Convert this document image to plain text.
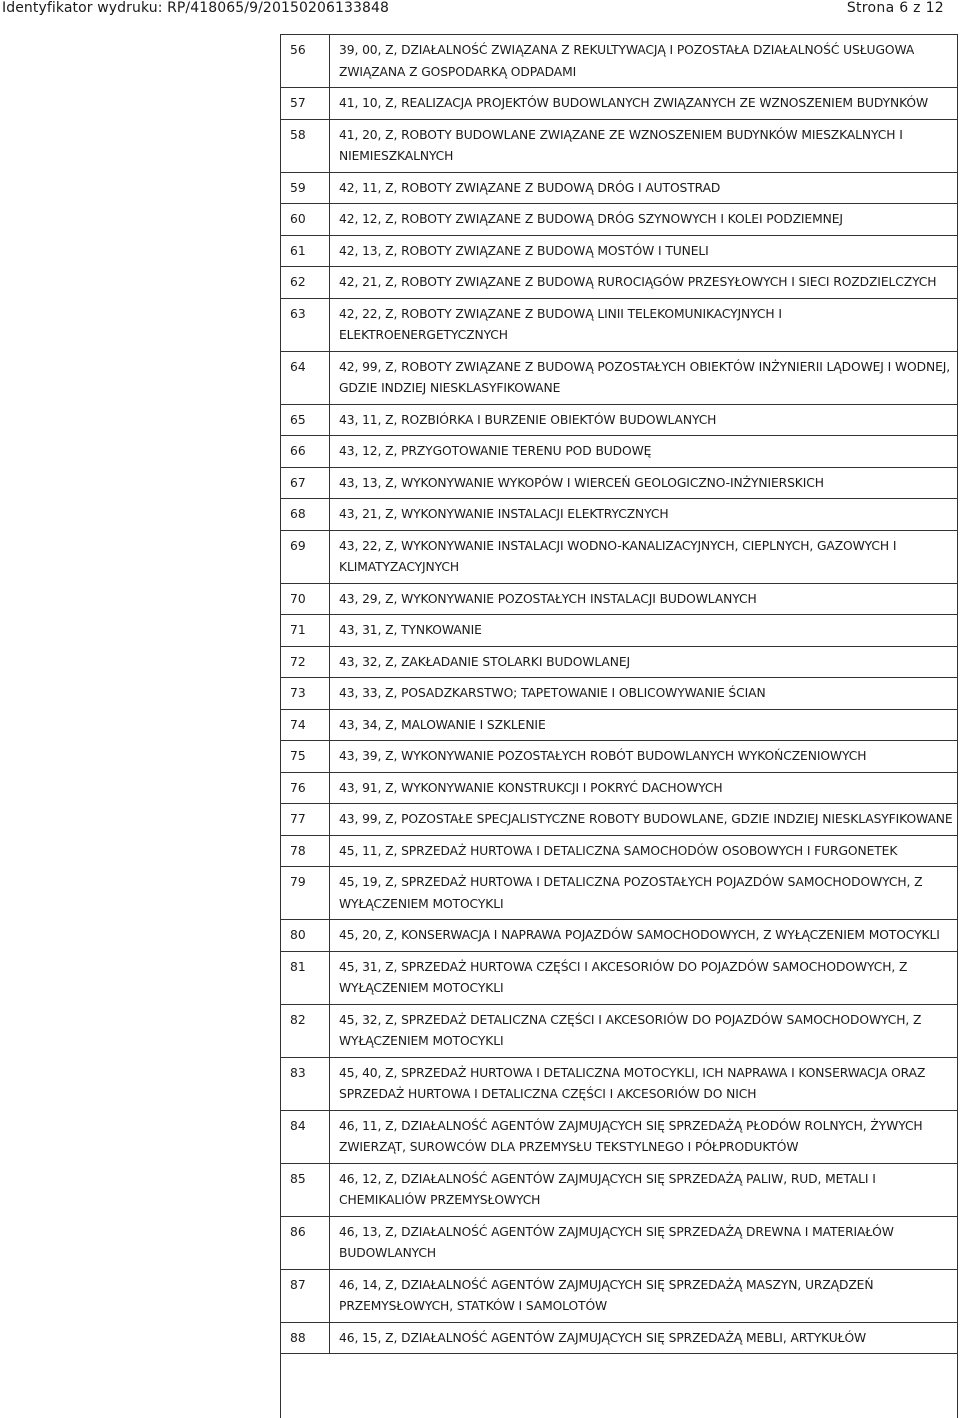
Identyfikator wydruku: RP/418065/9/20150206133848	Strona 6 z 12
56	39, 00, Z, DZIAŁALNOŚĆ ZWIĄZANA Z REKULTYWACJĄ I POZOSTAŁA DZIAŁALNOŚĆ USŁUGOWA ZWIĄZANA Z GOSPODARKĄ ODPADAMI
57	41, 10, Z, REALIZACJA PROJEKTÓW BUDOWLANYCH ZWIĄZANYCH ZE WZNOSZENIEM BUDYNKÓW
58	41, 20, Z, ROBOTY BUDOWLANE ZWIĄZANE ZE WZNOSZENIEM BUDYNKÓW MIESZKALNYCH I NIEMIESZKALNYCH
59	42, 11, Z, ROBOTY ZWIĄZANE Z BUDOWĄ DRÓG I AUTOSTRAD
60	42, 12, Z, ROBOTY ZWIĄZANE Z BUDOWĄ DRÓG SZYNOWYCH I KOLEI PODZIEMNEJ
61	42, 13, Z, ROBOTY ZWIĄZANE Z BUDOWĄ MOSTÓW I TUNELI
62	42, 21, Z, ROBOTY ZWIĄZANE Z BUDOWĄ RUROCIĄGÓW PRZESYŁOWYCH I SIECI ROZDZIELCZYCH
63	42, 22, Z, ROBOTY ZWIĄZANE Z BUDOWĄ LINII TELEKOMUNIKACYJNYCH I ELEKTROENERGETYCZNYCH
64	42, 99, Z, ROBOTY ZWIĄZANE Z BUDOWĄ POZOSTAŁYCH OBIEKTÓW INŻYNIERII LĄDOWEJ I WODNEJ, GDZIE INDZIEJ NIESKLASYFIKOWANE
65	43, 11, Z, ROZBIÓRKA I BURZENIE OBIEKTÓW BUDOWLANYCH
66	43, 12, Z, PRZYGOTOWANIE TERENU POD BUDOWĘ
67	43, 13, Z, WYKONYWANIE WYKOPÓW I WIERCEŃ GEOLOGICZNO-INŻYNIERSKICH
68	43, 21, Z, WYKONYWANIE INSTALACJI ELEKTRYCZNYCH
69	43, 22, Z, WYKONYWANIE INSTALACJI WODNO-KANALIZACYJNYCH, CIEPLNYCH, GAZOWYCH I KLIMATYZACYJNYCH
70	43, 29, Z, WYKONYWANIE POZOSTAŁYCH INSTALACJI BUDOWLANYCH
71	43, 31, Z, TYNKOWANIE
72	43, 32, Z, ZAKŁADANIE STOLARKI BUDOWLANEJ
73	43, 33, Z, POSADZKARSTWO; TAPETOWANIE I OBLICOWYWANIE ŚCIAN
74	43, 34, Z, MALOWANIE I SZKLENIE
75	43, 39, Z, WYKONYWANIE POZOSTAŁYCH ROBÓT BUDOWLANYCH WYKOŃCZENIOWYCH
76	43, 91, Z, WYKONYWANIE KONSTRUKCJI I POKRYĆ DACHOWYCH
77	43, 99, Z, POZOSTAŁE SPECJALISTYCZNE ROBOTY BUDOWLANE, GDZIE INDZIEJ NIESKLASYFIKOWANE
78	45, 11, Z, SPRZEDAŻ HURTOWA I DETALICZNA SAMOCHODÓW OSOBOWYCH I FURGONETEK
79	45, 19, Z, SPRZEDAŻ HURTOWA I DETALICZNA POZOSTAŁYCH POJAZDÓW SAMOCHODOWYCH, Z WYŁĄCZENIEM MOTOCYKLI
80	45, 20, Z, KONSERWACJA I NAPRAWA POJAZDÓW SAMOCHODOWYCH, Z WYŁĄCZENIEM MOTOCYKLI
81	45, 31, Z, SPRZEDAŻ HURTOWA CZĘŚCI I AKCESORIÓW DO POJAZDÓW SAMOCHODOWYCH, Z WYŁĄCZENIEM MOTOCYKLI
82	45, 32, Z, SPRZEDAŻ DETALICZNA CZĘŚCI I AKCESORIÓW DO POJAZDÓW SAMOCHODOWYCH, Z WYŁĄCZENIEM MOTOCYKLI
83	45, 40, Z, SPRZEDAŻ HURTOWA I DETALICZNA MOTOCYKLI, ICH NAPRAWA I KONSERWACJA ORAZ SPRZEDAŻ HURTOWA I DETALICZNA CZĘŚCI I AKCESORIÓW DO NICH
84	46, 11, Z, DZIAŁALNOŚĆ AGENTÓW ZAJMUJĄCYCH SIĘ SPRZEDAŻĄ PŁODÓW ROLNYCH, ŻYWYCH ZWIERZĄT, SUROWCÓW DLA PRZEMYSŁU TEKSTYLNEGO I PÓŁPRODUKTÓW
85	46, 12, Z, DZIAŁALNOŚĆ AGENTÓW ZAJMUJĄCYCH SIĘ SPRZEDAŻĄ PALIW, RUD, METALI I CHEMIKALIÓW PRZEMYSŁOWYCH
86	46, 13, Z, DZIAŁALNOŚĆ AGENTÓW ZAJMUJĄCYCH SIĘ SPRZEDAŻĄ DREWNA I MATERIAŁÓW BUDOWLANYCH
87	46, 14, Z, DZIAŁALNOŚĆ AGENTÓW ZAJMUJĄCYCH SIĘ SPRZEDAŻĄ MASZYN, URZĄDZEŃ PRZEMYSŁOWYCH, STATKÓW I SAMOLOTÓW
88	46, 15, Z, DZIAŁALNOŚĆ AGENTÓW ZAJMUJĄCYCH SIĘ SPRZEDAŻĄ MEBLI, ARTYKUŁÓW
